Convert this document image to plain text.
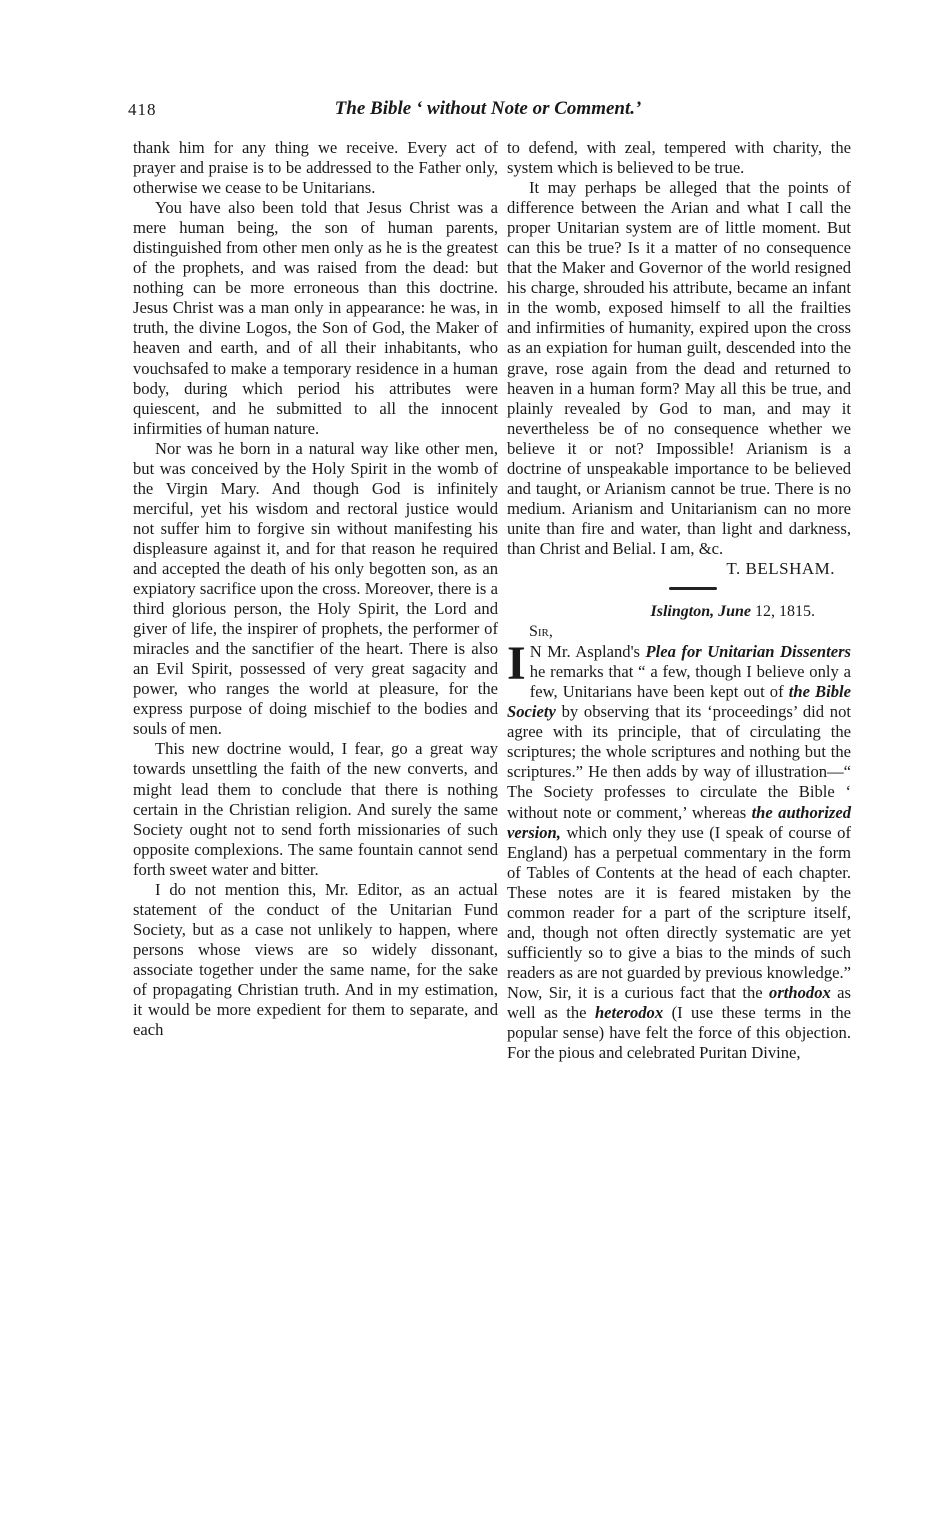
418	The Bible ‘ without Note or Comment.’

thank him for any thing we receive. Every act of prayer and praise is to be addressed to the Father only, otherwise we cease to be Unitarians.

You have also been told that Jesus Christ was a mere human being, the son of human parents, distinguished from other men only as he is the greatest of the prophets, and was raised from the dead: but nothing can be more erroneous than this doctrine. Jesus Christ was a man only in appearance: he was, in truth, the divine Logos, the Son of God, the Maker of heaven and earth, and of all their inhabitants, who vouchsafed to make a temporary residence in a human body, during which period his attributes were quiescent, and he submitted to all the innocent infirmities of human nature.

Nor was he born in a natural way like other men, but was conceived by the Holy Spirit in the womb of the Virgin Mary. And though God is infinitely merciful, yet his wisdom and rectoral justice would not suffer him to forgive sin without manifesting his displeasure against it, and for that reason he required and accepted the death of his only begotten son, as an expiatory sacrifice upon the cross. Moreover, there is a third glorious person, the Holy Spirit, the Lord and giver of life, the inspirer of prophets, the performer of miracles and the sanctifier of the heart. There is also an Evil Spirit, possessed of very great sagacity and power, who ranges the world at pleasure, for the express purpose of doing mischief to the bodies and souls of men.

This new doctrine would, I fear, go a great way towards unsettling the faith of the new converts, and might lead them to conclude that there is nothing certain in the Christian religion. And surely the same Society ought not to send forth missionaries of such opposite complexions. The same fountain cannot send forth sweet water and bitter.

I do not mention this, Mr. Editor, as an actual statement of the conduct of the Unitarian Fund Society, but as a case not unlikely to happen, where persons whose views are so widely dissonant, associate together under the same name, for the sake of propagating Christian truth. And in my estimation, it would be more expedient for them to separate, and each

to defend, with zeal, tempered with charity, the system which is believed to be true.

It may perhaps be alleged that the points of difference between the Arian and what I call the proper Unitarian system are of little moment. But can this be true? Is it a matter of no consequence that the Maker and Governor of the world resigned his charge, shrouded his attribute, became an infant in the womb, exposed himself to all the frailties and infirmities of humanity, expired upon the cross as an expiation for human guilt, descended into the grave, rose again from the dead and returned to heaven in a human form? May all this be true, and plainly revealed by God to man, and may it nevertheless be of no consequence whether we believe it or not? Impossible! Arianism is a doctrine of unspeakable importance to be believed and taught, or Arianism cannot be true. There is no medium. Arianism and Unitarianism can no more unite than fire and water, than light and darkness, than Christ and Belial. I am, &c.

T. BELSHAM.

Islington, June 12, 1815.

Sir,

I N Mr. Aspland's Plea for Unitarian Dissenters he remarks that “ a few, though I believe only a few, Unitarians have been kept out of the Bible Society by observing that its ‘proceedings’ did not agree with its principle, that of circulating the scriptures; the whole scriptures and nothing but the scriptures.” He then adds by way of illustration—“ The Society professes to circulate the Bible ‘ without note or comment,’ whereas the authorized version, which only they use (I speak of course of England) has a perpetual commentary in the form of Tables of Contents at the head of each chapter. These notes are it is feared mistaken by the common reader for a part of the scripture itself, and, though not often directly systematic are yet sufficiently so to give a bias to the minds of such readers as are not guarded by previous knowledge.” Now, Sir, it is a curious fact that the orthodox as well as the heterodox (I use these terms in the popular sense) have felt the force of this objection. For the pious and celebrated Puritan Divine,
